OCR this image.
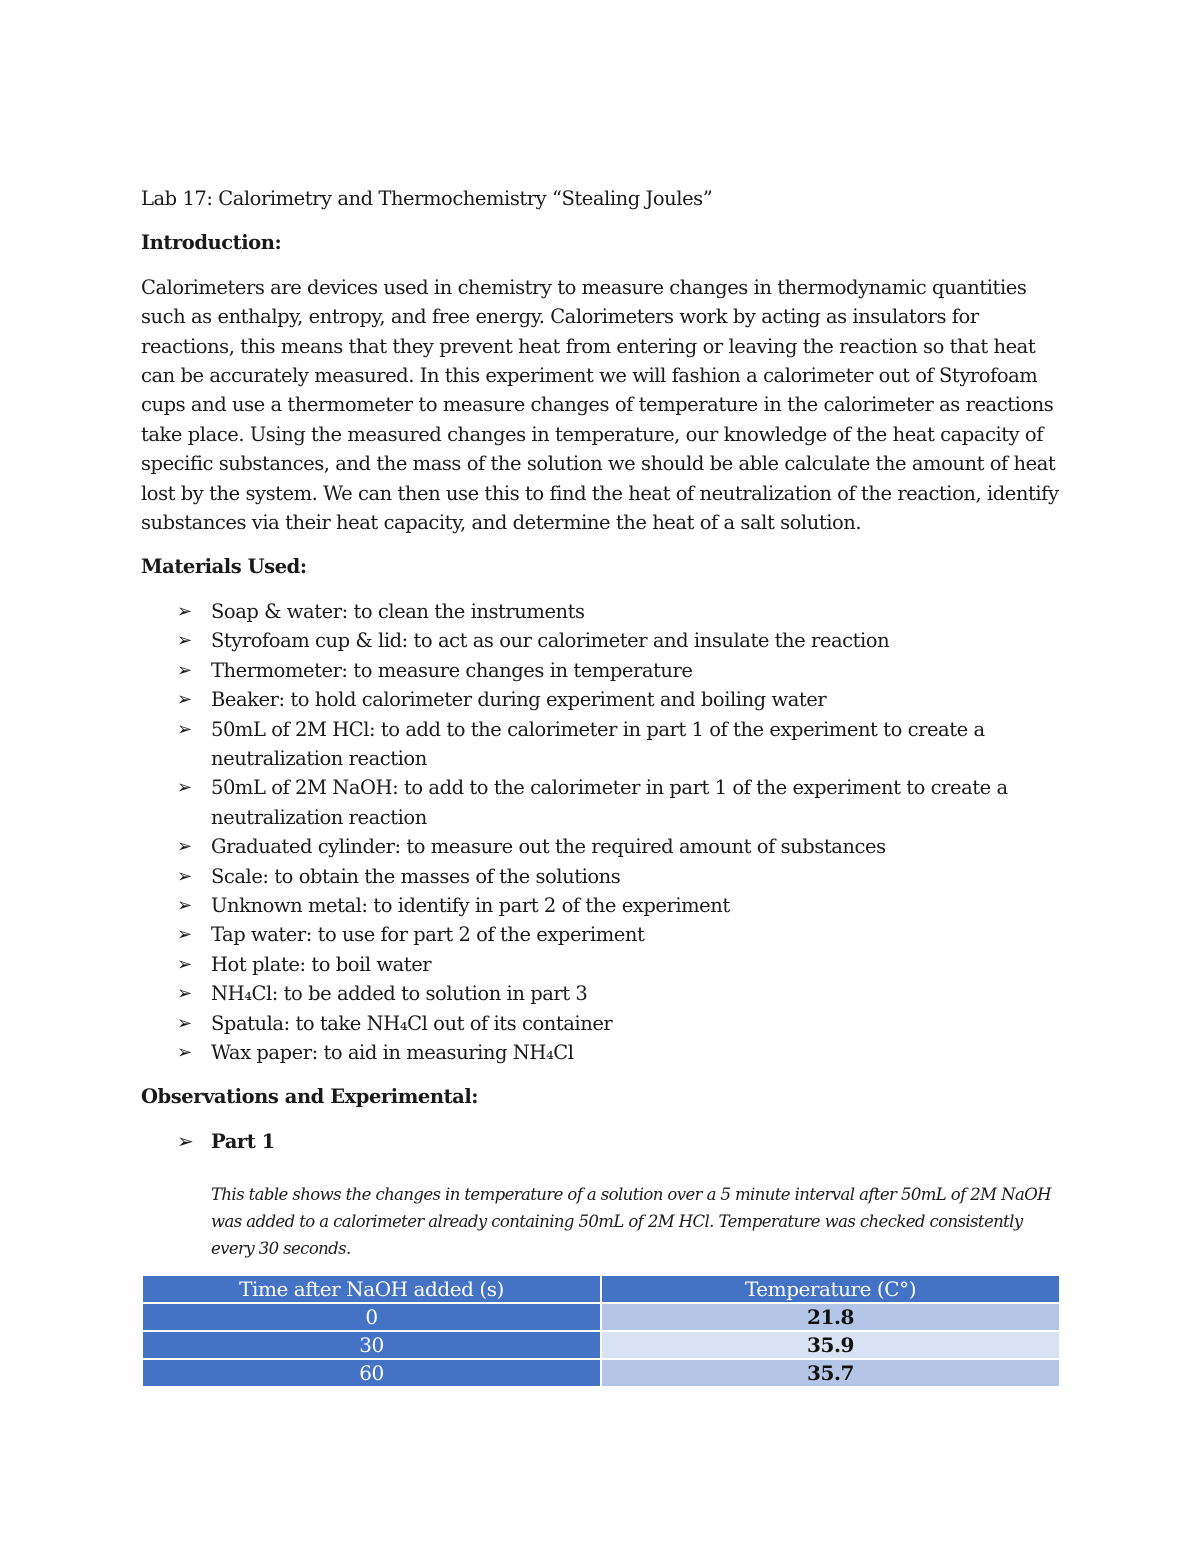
Lab 17: Calorimetry and Thermochemistry “Stealing Joules”

Introduction:

Calorimeters are devices used in chemistry to measure changes in thermodynamic quantities such as enthalpy, entropy, and free energy. Calorimeters work by acting as insulators for reactions, this means that they prevent heat from entering or leaving the reaction so that heat can be accurately measured. In this experiment we will fashion a calorimeter out of Styrofoam cups and use a thermometer to measure changes of temperature in the calorimeter as reactions take place. Using the measured changes in temperature, our knowledge of the heat capacity of specific substances, and the mass of the solution we should be able calculate the amount of heat lost by the system. We can then use this to find the heat of neutralization of the reaction, identify substances via their heat capacity, and determine the heat of a salt solution.

Materials Used:

➢ Soap & water: to clean the instruments
➢ Styrofoam cup & lid: to act as our calorimeter and insulate the reaction
➢ Thermometer: to measure changes in temperature
➢ Beaker: to hold calorimeter during experiment and boiling water
➢ 50mL of 2M HCl: to add to the calorimeter in part 1 of the experiment to create a neutralization reaction
➢ 50mL of 2M NaOH: to add to the calorimeter in part 1 of the experiment to create a neutralization reaction
➢ Graduated cylinder: to measure out the required amount of substances
➢ Scale: to obtain the masses of the solutions
➢ Unknown metal: to identify in part 2 of the experiment
➢ Tap water: to use for part 2 of the experiment
➢ Hot plate: to boil water
➢ NH₄Cl: to be added to solution in part 3
➢ Spatula: to take NH₄Cl out of its container
➢ Wax paper: to aid in measuring NH₄Cl

Observations and Experimental:

➢ Part 1

This table shows the changes in temperature of a solution over a 5 minute interval after 50mL of 2M NaOH was added to a calorimeter already containing 50mL of 2M HCl. Temperature was checked consistently every 30 seconds.

Time after NaOH added (s)	Temperature (C°)
0	21.8
30	35.9
60	35.7
